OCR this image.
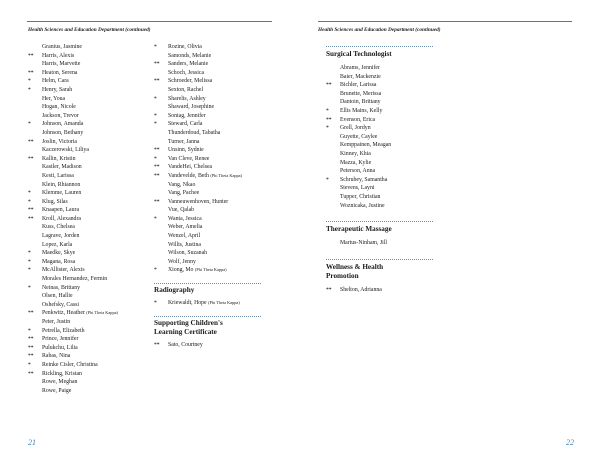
Health Sciences and Education Department (continued)
Granius, Jasmine
**	Harris, Alexis
Harris, Marvette
**	Heaton, Serena
*	Helm, Cara
*	Henry, Sarah
Her, Youa
Hogan, Nicole
Jackson, Trevor
*	Johnson, Amanda
Johnson, Bethany
**	Joslin, Victoria
Kaczerowski, Liliya
**	Kallin, Kristin
Kastler, Madison
Kesti, Larissa
Klein, Rhiannon
*	Klemme, Lauren
*	Klug, Silas
**	Knaapen, Laura
**	Kroll, Alexandra
Kuss, Chelsea
Lagrave, Jorden
Lopez, Karla
*	Maedke, Skye
*	Magana, Rosa
*	McAllister, Alexis
Morales Hernandez, Fermin
*	Neinas, Brittany
Olsen, Hallie
Oshefsky, Cassi
**	Penkwitz, Heather (Phi Theta Kappa)
Peter, Justin
*	Petrella, Elizabeth
**	Prince, Jennifer
**	Pulukchu, Lilia
**	Rabas, Nina
*	Reinke Cisler, Christina
**	Rickling, Kristan
Rowe, Meghan
Rowe, Paige
*	Rozine, Olivia
Samonds, Melanie
**	Sanders, Melanie
Schoch, Jessica
**	Schroeder, Melissa
Sexton, Rachel
*	Sharelis, Ashley
Shaward, Josephine
*	Sontag, Jennifer
*	Steward, Carla
Thunderdoud, Tabatha
Turner, Janna
**	Unsinn, Sydnie
*	Van Cleve, Renee
**	VandeHei, Chelsea
**	Vandevelde, Beth (Phi Theta Kappa)
Vang, Nkao
Vang, Pachee
**	Vanneuwenhoven, Hunter
Vue, Qalab
*	Wanta, Jessica
Weber, Amelia
Wenzel, April
Willis, Justina
Wilson, Suzanah
Wolf, Jenny
*	Xiong, Mo (Phi Theta Kappa)
Radiography
*	Kriewaldt, Hope (Phi Theta Kappa)
Supporting Children's
Learning Certificate
**	Sato, Courtney
21
Health Sciences and Education Department (continued)
Surgical Technologist
Abrams, Jennifer
Baier, Mackenzie
**	Bichler, Larissa
Brunette, Merissa
Dantoin, Brittany
*	Ellis Mains, Kelly
**	Evenson, Erica
*	Grell, Jordyn
Guyette, Caylee
Kemppainen, Meagan
Kinney, Khia
Mazza, Kylie
Peterson, Anna
*	Schrubey, Samantha
Stevens, Layni
Tupper, Christian
Woznicaka, Justine
Therapeutic Massage
Martus-Ninham, Jill
Wellness & Health
Promotion
**	Shelton, Adrianna
22
